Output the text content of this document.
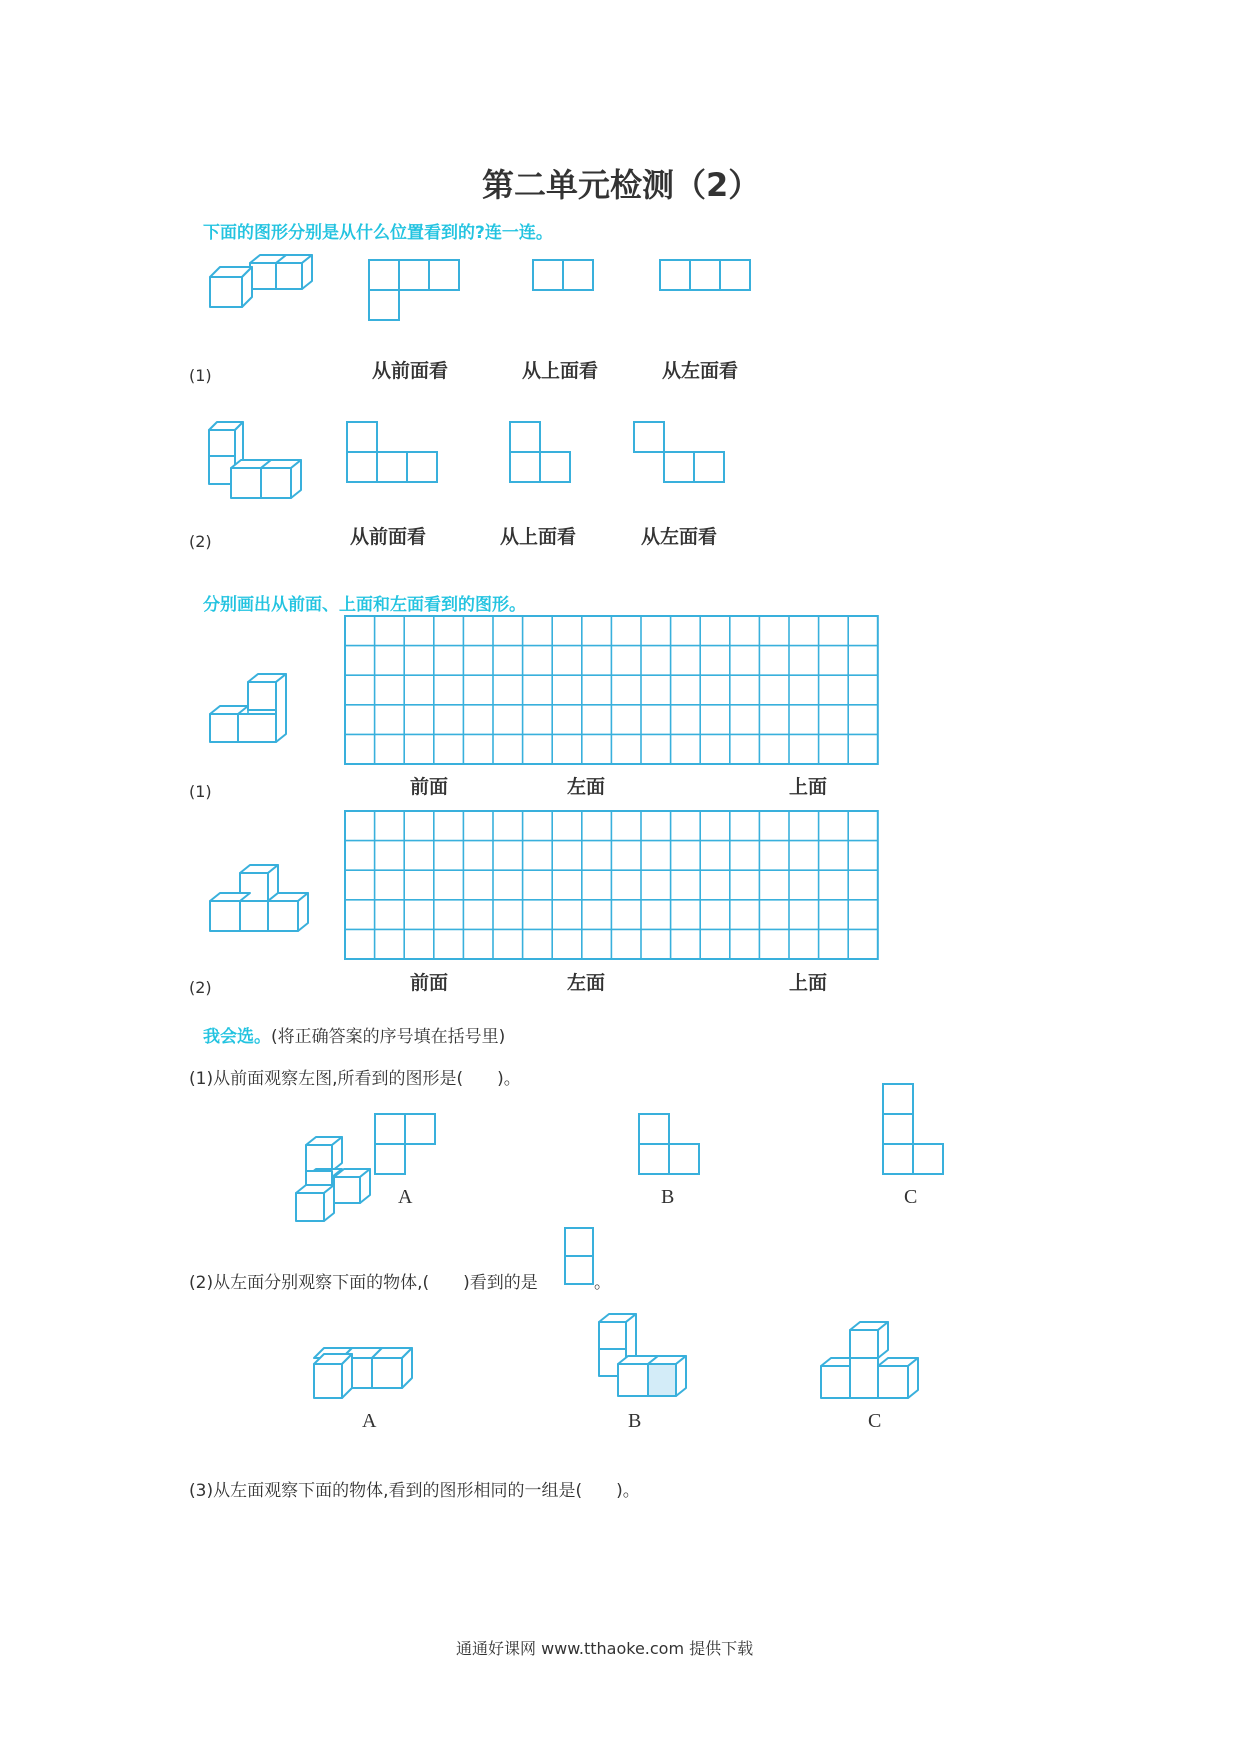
第二单元检测（2）
下面的图形分别是从什么位置看到的?连一连。
(1)	从前面看	从上面看	从左面看
(2)	从前面看	从上面看	从左面看
分别画出从前面、上面和左面看到的图形。
(1)	前面	左面	上面
(2)	前面	左面	上面
我会选。(将正确答案的序号填在括号里)
(1)从前面观察左图,所看到的图形是(　　)。
A	B	C
(2)从左面分别观察下面的物体,(　　)看到的是	。
A	B	C
(3)从左面观察下面的物体,看到的图形相同的一组是(　　)。
通通好课网 www.tthaoke.com 提供下载
